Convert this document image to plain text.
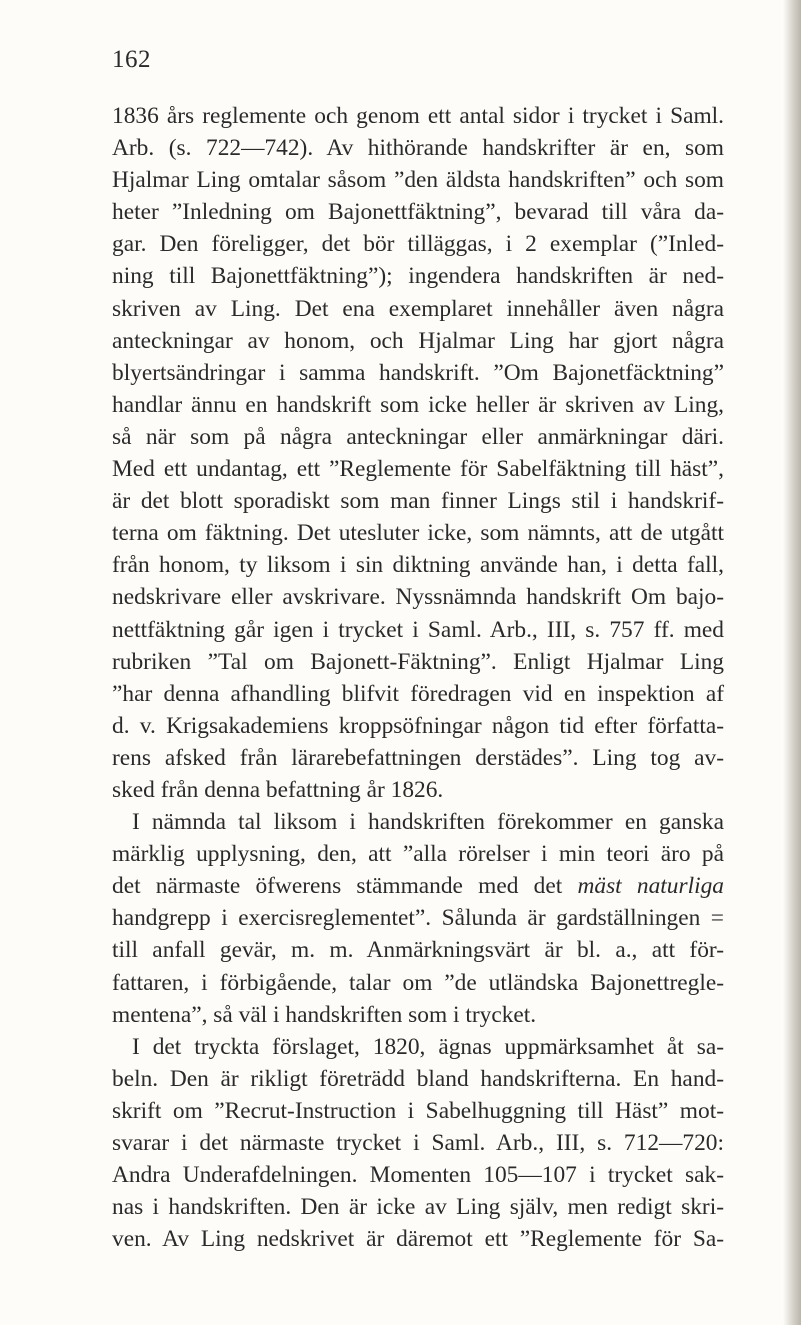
162
1836 års reglemente och genom ett antal sidor i trycket i Saml.
Arb. (s. 722—742). Av hithörande handskrifter är en, som
Hjalmar Ling omtalar såsom ”den äldsta handskriften” och som
heter ”Inledning om Bajonettfäktning”, bevarad till våra da-
gar. Den föreligger, det bör tilläggas, i 2 exemplar (”Inled-
ning till Bajonettfäktning”); ingendera handskriften är ned-
skriven av Ling. Det ena exemplaret innehåller även några
anteckningar av honom, och Hjalmar Ling har gjort några
blyertsändringar i samma handskrift. ”Om Bajonetfäcktning”
handlar ännu en handskrift som icke heller är skriven av Ling,
så när som på några anteckningar eller anmärkningar däri.
Med ett undantag, ett ”Reglemente för Sabelfäktning till häst”,
är det blott sporadiskt som man finner Lings stil i handskrif-
terna om fäktning. Det utesluter icke, som nämnts, att de utgått
från honom, ty liksom i sin diktning använde han, i detta fall,
nedskrivare eller avskrivare. Nyssnämnda handskrift Om bajo-
nettfäktning går igen i trycket i Saml. Arb., III, s. 757 ff. med
rubriken ”Tal om Bajonett-Fäktning”. Enligt Hjalmar Ling
”har denna afhandling blifvit föredragen vid en inspektion af
d. v. Krigsakademiens kroppsöfningar någon tid efter författa-
rens afsked från lärarebefattningen derstädes”. Ling tog av-
sked från denna befattning år 1826.
I nämnda tal liksom i handskriften förekommer en ganska
märklig upplysning, den, att ”alla rörelser i min teori äro på
det närmaste öfwerens stämmande med det mäst naturliga
handgrepp i exercisreglementet”. Sålunda är gardställningen =
till anfall gevär, m. m. Anmärkningsvärt är bl. a., att för-
fattaren, i förbigående, talar om ”de utländska Bajonettregle-
mentena”, så väl i handskriften som i trycket.
I det tryckta förslaget, 1820, ägnas uppmärksamhet åt sa-
beln. Den är rikligt företrädd bland handskrifterna. En hand-
skrift om ”Recrut-Instruction i Sabelhuggning till Häst” mot-
svarar i det närmaste trycket i Saml. Arb., III, s. 712—720:
Andra Underafdelningen. Momenten 105—107 i trycket sak-
nas i handskriften. Den är icke av Ling själv, men redigt skri-
ven. Av Ling nedskrivet är däremot ett ”Reglemente för Sa-
